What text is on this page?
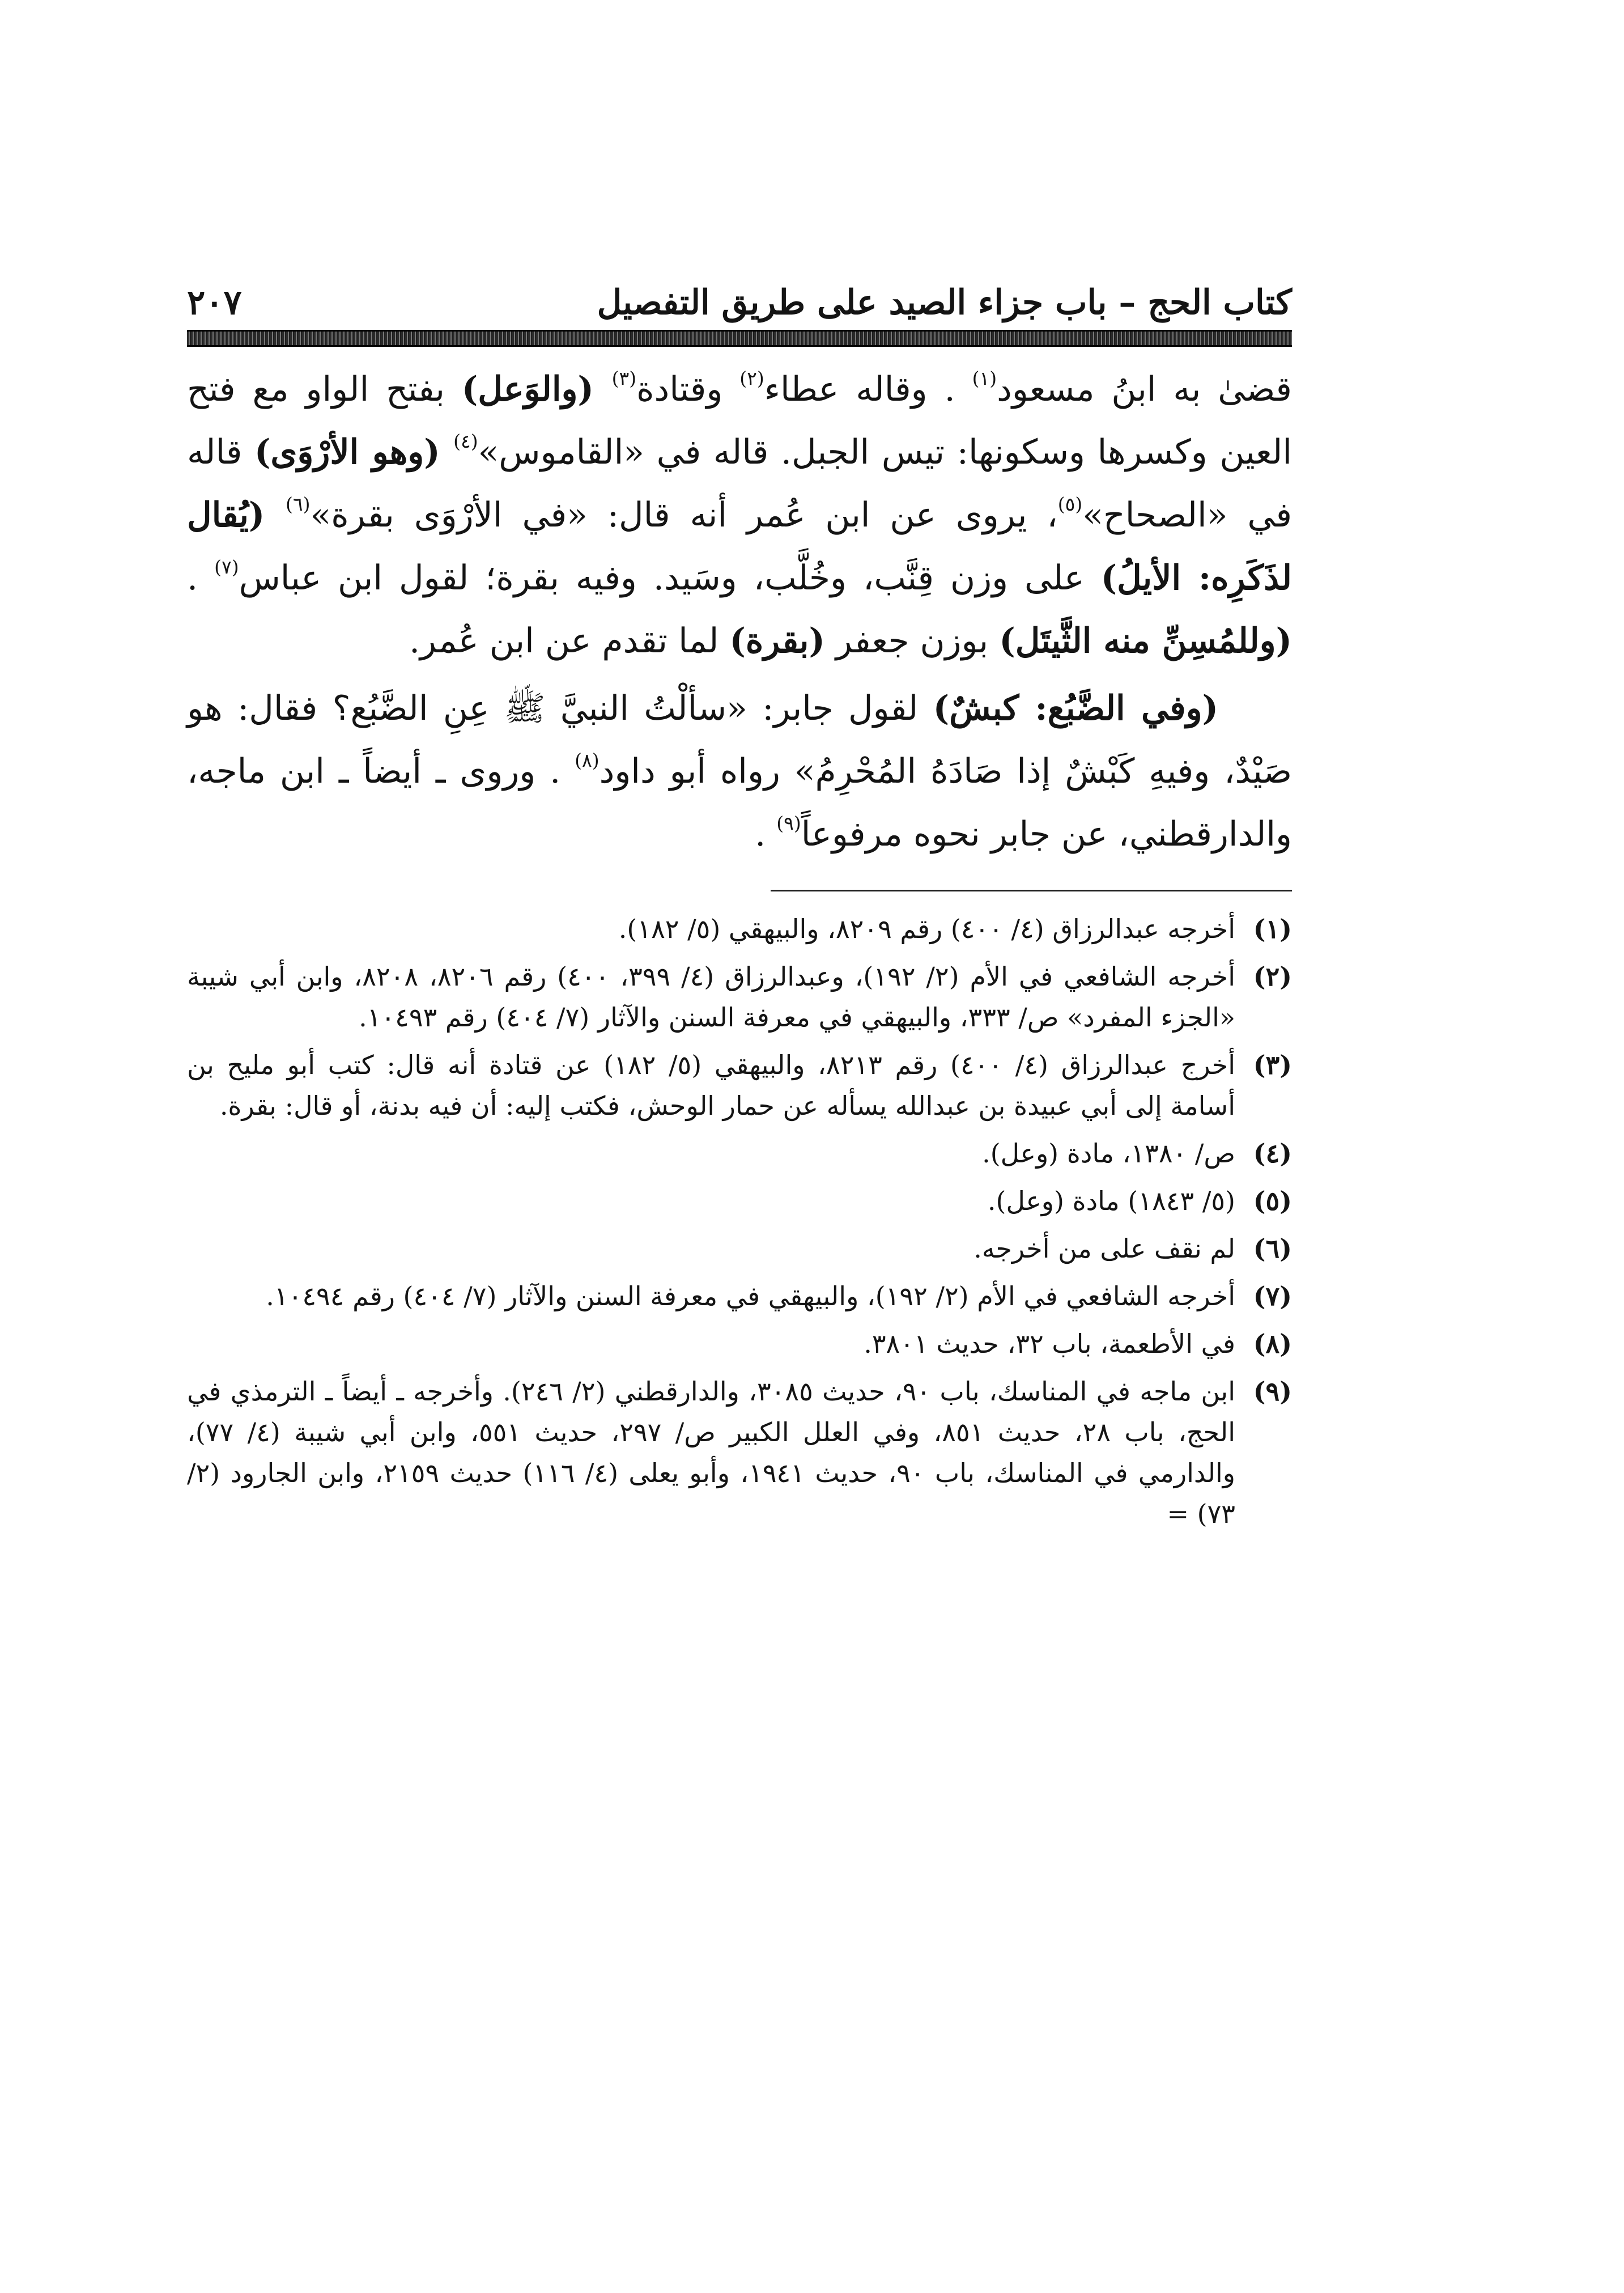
كتاب الحج – باب جزاء الصيد على طريق التفصيل
٢٠٧

قضىٰ به ابنُ مسعود$^{(١)}$ . وقاله عطاء$^{(٢)}$ وقتادة$^{(٣)}$ (والوَعل) بفتح الواو مع فتح العين وكسرها وسكونها: تيس الجبل. قاله في «القاموس»$^{(٤)}$ (وهو الأرْوَى) قاله في «الصحاح»$^{(٥)}$، يروى عن ابن عُمر أنه قال: «في الأرْوَى بقرة»$^{(٦)}$ (يُقال لذَكَرِه: الأيلُ) على وزن قِنَّب، وخُلَّب، وسَيد. وفيه بقرة؛ لقول ابن عباس$^{(٧)}$ . (وللمُسِنِّ منه الثَّيتَل) بوزن جعفر (بقرة) لما تقدم عن ابن عُمر.

(وفي الضَّبُع: كبشٌ) لقول جابر: «سألْتُ النبيَّ ﷺ عِنِ الضَّبُع؟ فقال: هو صَيْدٌ، وفيهِ كَبْشٌ إذا صَادَهُ المُحْرِمُ» رواه أبو داود$^{(٨)}$ . وروى ـ أيضاً ـ ابن ماجه، والدارقطني، عن جابر نحوه مرفوعاً$^{(٩)}$ .

(١)
أخرجه عبدالرزاق (٤/ ٤٠٠) رقم ٨٢٠٩، والبيهقي (٥/ ١٨٢).
(٢)
أخرجه الشافعي في الأم (٢/ ١٩٢)، وعبدالرزاق (٤/ ٣٩٩، ٤٠٠) رقم ٨٢٠٦، ٨٢٠٨، وابن أبي شيبة «الجزء المفرد» ص/ ٣٣٣، والبيهقي في معرفة السنن والآثار (٧/ ٤٠٤) رقم ١٠٤٩٣.
(٣)
أخرج عبدالرزاق (٤/ ٤٠٠) رقم ٨٢١٣، والبيهقي (٥/ ١٨٢) عن قتادة أنه قال: كتب أبو مليح بن أسامة إلى أبي عبيدة بن عبدالله يسأله عن حمار الوحش، فكتب إليه: أن فيه بدنة، أو قال: بقرة.
(٤)
ص/ ١٣٨٠، مادة (وعل).
(٥)
(٥/ ١٨٤٣) مادة (وعل).
(٦)
لم نقف على من أخرجه.
(٧)
أخرجه الشافعي في الأم (٢/ ١٩٢)، والبيهقي في معرفة السنن والآثار (٧/ ٤٠٤) رقم ١٠٤٩٤.
(٨)
في الأطعمة، باب ٣٢، حديث ٣٨٠١.
(٩)
ابن ماجه في المناسك، باب ٩٠، حديث ٣٠٨٥، والدارقطني (٢/ ٢٤٦). وأخرجه ـ أيضاً ـ الترمذي في الحج، باب ٢٨، حديث ٨٥١، وفي العلل الكبير ص/ ٢٩٧، حديث ٥٥١، وابن أبي شيبة (٤/ ٧٧)، والدارمي في المناسك، باب ٩٠، حديث ١٩٤١، وأبو يعلى (٤/ ١١٦) حديث ٢١٥٩، وابن الجارود (٢/ ٧٣) =
